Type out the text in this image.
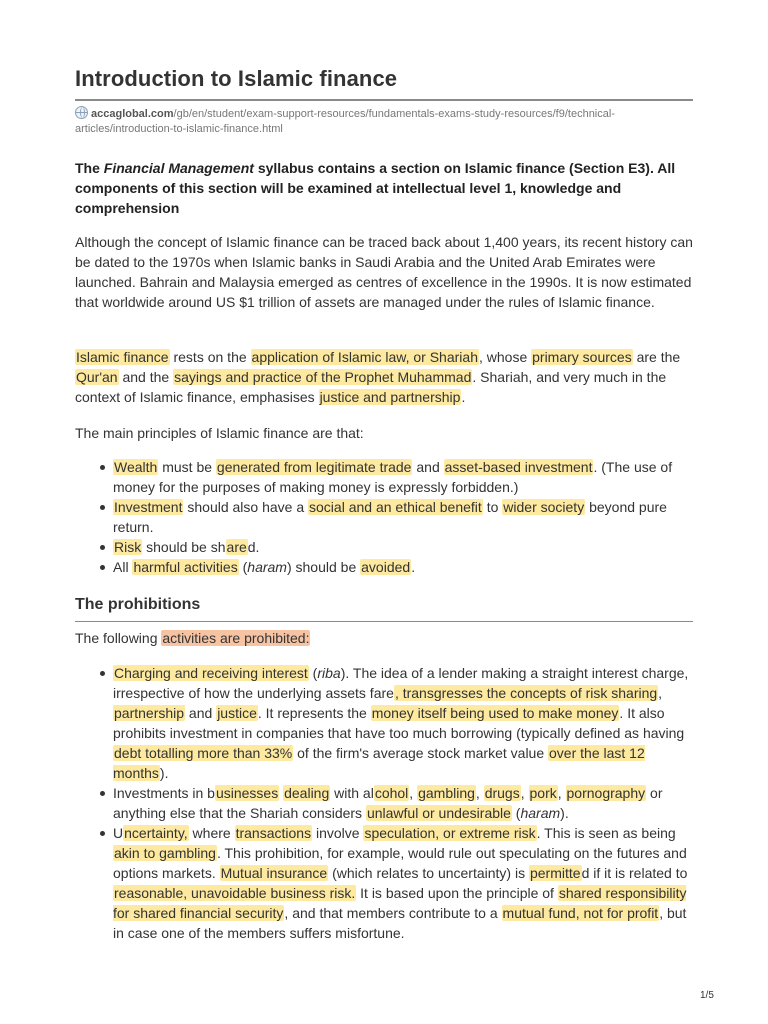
Introduction to Islamic finance
accaglobal.com/gb/en/student/exam-support-resources/fundamentals-exams-study-resources/f9/technical-
articles/introduction-to-islamic-finance.html
The Financial Management syllabus contains a section on Islamic finance (Section E3). All components of this section will be examined at intellectual level 1, knowledge and comprehension
Although the concept of Islamic finance can be traced back about 1,400 years, its recent history can be dated to the 1970s when Islamic banks in Saudi Arabia and the United Arab Emirates were launched. Bahrain and Malaysia emerged as centres of excellence in the 1990s. It is now estimated that worldwide around US $1 trillion of assets are managed under the rules of Islamic finance.
Islamic finance rests on the application of Islamic law, or Shariah, whose primary sources are the Qur'an and the sayings and practice of the Prophet Muhammad. Shariah, and very much in the context of Islamic finance, emphasises justice and partnership.
The main principles of Islamic finance are that:
Wealth must be generated from legitimate trade and asset-based investment. (The use of money for the purposes of making money is expressly forbidden.)
Investment should also have a social and an ethical benefit to wider society beyond pure return.
Risk should be shared.
All harmful activities (haram) should be avoided.
The prohibitions
The following activities are prohibited:
Charging and receiving interest (riba). The idea of a lender making a straight interest charge, irrespective of how the underlying assets fare, transgresses the concepts of risk sharing, partnership and justice. It represents the money itself being used to make money. It also prohibits investment in companies that have too much borrowing (typically defined as having debt totalling more than 33% of the firm's average stock market value over the last 12 months).
Investments in businesses dealing with alcohol, gambling, drugs, pork, pornography or anything else that the Shariah considers unlawful or undesirable (haram).
Uncertainty, where transactions involve speculation, or extreme risk. This is seen as being akin to gambling. This prohibition, for example, would rule out speculating on the futures and options markets. Mutual insurance (which relates to uncertainty) is permitted if it is related to reasonable, unavoidable business risk. It is based upon the principle of shared responsibility for shared financial security, and that members contribute to a mutual fund, not for profit, but in case one of the members suffers misfortune.
1/5
